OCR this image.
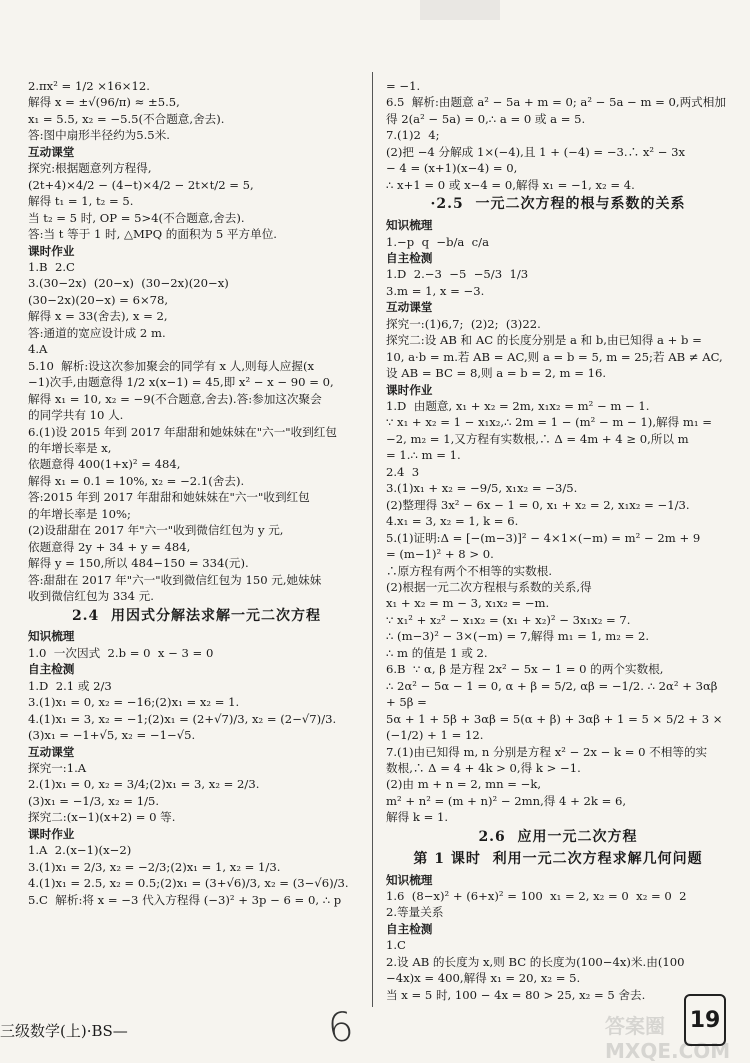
2.πx² = 1/2 ×16×12.
解得 x = ±√(96/π) ≈ ±5.5,
x₁ = 5.5, x₂ = −5.5(不合题意,舍去).
答:图中扇形半径约为5.5米.
互动课堂
探究:根据题意列方程得,
(2t+4)×4/2 − (4−t)×4/2 − 2t×t/2 = 5,
解得 t₁ = 1, t₂ = 5.
当 t₂ = 5 时, OP = 5>4(不合题意,舍去).
答:当 t 等于 1 时, △MPQ 的面积为 5 平方单位.
课时作业
1.B  2.C
3.(30−2x)  (20−x)  (30−2x)(20−x)
(30−2x)(20−x) = 6×78,
解得 x = 33(舍去), x = 2,
答:通道的宽应设计成 2 m.
4.A
5.10  解析:设这次参加聚会的同学有 x 人,则每人应握(x
−1)次手,由题意得 1/2 x(x−1) = 45,即 x² − x − 90 = 0,
解得 x₁ = 10, x₂ = −9(不合题意,舍去).答:参加这次聚会
的同学共有 10 人.
6.(1)设 2015 年到 2017 年甜甜和她妹妹在"六一"收到红包
的年增长率是 x,
依题意得 400(1+x)² = 484,
解得 x₁ = 0.1 = 10%, x₂ = −2.1(舍去).
答:2015 年到 2017 年甜甜和她妹妹在"六一"收到红包
的年增长率是 10%;
(2)设甜甜在 2017 年"六一"收到微信红包为 y 元,
依题意得 2y + 34 + y = 484,
解得 y = 150,所以 484−150 = 334(元).
答:甜甜在 2017 年"六一"收到微信红包为 150 元,她妹妹
收到微信红包为 334 元.
2.4  用因式分解法求解一元二次方程
知识梳理
1.0  一次因式  2.b = 0  x − 3 = 0
自主检测
1.D  2.1 或 2/3
3.(1)x₁ = 0, x₂ = −16;(2)x₁ = x₂ = 1.
4.(1)x₁ = 3, x₂ = −1;(2)x₁ = (2+√7)/3, x₂ = (2−√7)/3.
(3)x₁ = −1+√5, x₂ = −1−√5.
互动课堂
探究一:1.A
2.(1)x₁ = 0, x₂ = 3/4;(2)x₁ = 3, x₂ = 2/3.
(3)x₁ = −1/3, x₂ = 1/5.
探究二:(x−1)(x+2) = 0 等.
课时作业
1.A  2.(x−1)(x−2)
3.(1)x₁ = 2/3, x₂ = −2/3;(2)x₁ = 1, x₂ = 1/3.
4.(1)x₁ = 2.5, x₂ = 0.5;(2)x₁ = (3+√6)/3, x₂ = (3−√6)/3.
5.C  解析:将 x = −3 代入方程得 (−3)² + 3p − 6 = 0, ∴ p
= −1.
6.5  解析:由题意 a² − 5a + m = 0; a² − 5a − m = 0,两式相加
得 2(a² − 5a) = 0,∴ a = 0 或 a = 5.
7.(1)2  4;
(2)把 −4 分解成 1×(−4),且 1 + (−4) = −3.∴ x² − 3x
− 4 = (x+1)(x−4) = 0,
∴ x+1 = 0 或 x−4 = 0,解得 x₁ = −1, x₂ = 4.
·2.5  一元二次方程的根与系数的关系
知识梳理
1.−p  q  −b/a  c/a
自主检测
1.D  2.−3  −5  −5/3  1/3
3.m = 1, x = −3.
互动课堂
探究一:(1)6,7;  (2)2;  (3)22.
探究二:设 AB 和 AC 的长度分别是 a 和 b,由已知得 a + b =
10, a·b = m.若 AB = AC,则 a = b = 5, m = 25;若 AB ≠ AC,
设 AB = BC = 8,则 a = b = 2, m = 16.
课时作业
1.D  由题意, x₁ + x₂ = 2m, x₁x₂ = m² − m − 1.
∵ x₁ + x₂ = 1 − x₁x₂,∴ 2m = 1 − (m² − m − 1),解得 m₁ =
−2, m₂ = 1,又方程有实数根,∴ Δ = 4m + 4 ≥ 0,所以 m
= 1.∴ m = 1.
2.4  3
3.(1)x₁ + x₂ = −9/5, x₁x₂ = −3/5.
(2)整理得 3x² − 6x − 1 = 0, x₁ + x₂ = 2, x₁x₂ = −1/3.
4.x₁ = 3, x₂ = 1, k = 6.
5.(1)证明:Δ = [−(m−3)]² − 4×1×(−m) = m² − 2m + 9
= (m−1)² + 8 > 0.
∴原方程有两个不相等的实数根.
(2)根据一元二次方程根与系数的关系,得
x₁ + x₂ = m − 3, x₁x₂ = −m.
∵ x₁² + x₂² − x₁x₂ = (x₁ + x₂)² − 3x₁x₂ = 7.
∴ (m−3)² − 3×(−m) = 7,解得 m₁ = 1, m₂ = 2.
∴ m 的值是 1 或 2.
6.B  ∵ α, β 是方程 2x² − 5x − 1 = 0 的两个实数根,
∴ 2α² − 5α − 1 = 0, α + β = 5/2, αβ = −1/2. ∴ 2α² + 3αβ + 5β =
5α + 1 + 5β + 3αβ = 5(α + β) + 3αβ + 1 = 5 × 5/2 + 3 ×
(−1/2) + 1 = 12.
7.(1)由已知得 m, n 分别是方程 x² − 2x − k = 0 不相等的实
数根,∴ Δ = 4 + 4k > 0,得 k > −1.
(2)由 m + n = 2, mn = −k,
m² + n² = (m + n)² − 2mn,得 4 + 2k = 6,
解得 k = 1.
2.6  应用一元二次方程
第 1 课时  利用一元二次方程求解几何问题
知识梳理
1.6  (8−x)² + (6+x)² = 100  x₁ = 2, x₂ = 0  x₂ = 0  2
2.等量关系
自主检测
1.C
2.设 AB 的长度为 x,则 BC 的长度为(100−4x)米.由(100
−4x)x = 400,解得 x₁ = 20, x₂ = 5.
当 x = 5 时, 100 − 4x = 80 > 25, x₂ = 5 舍去.
三级数学(上)·BS—	6	答案圈 MXQE.COM
19
